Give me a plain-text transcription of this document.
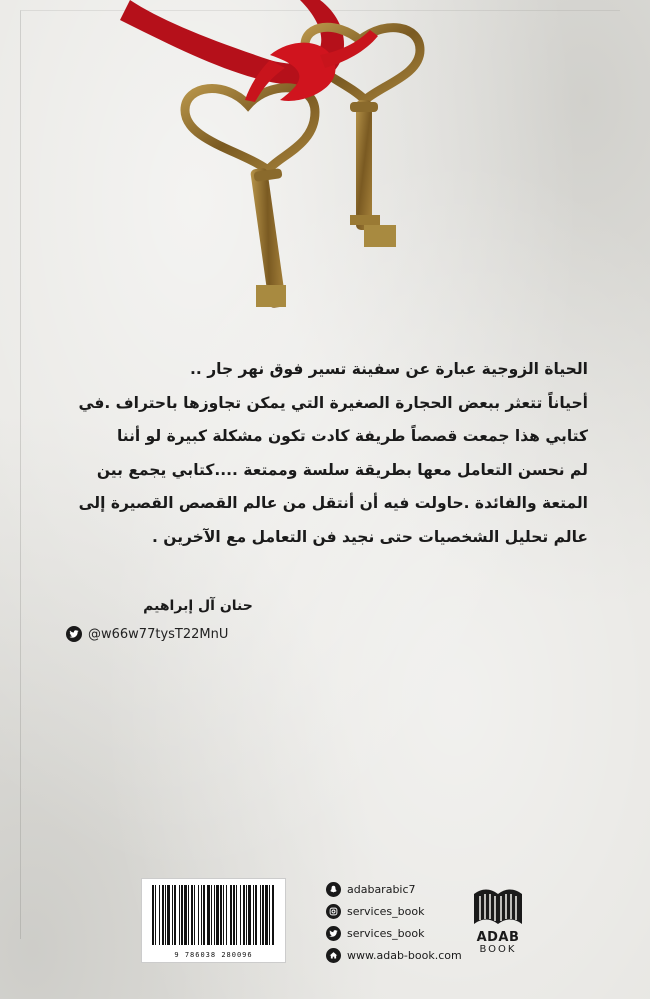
الحياة الزوجية عبارة عن سفينة تسير فوق نهر جار ..

أحياناً تتعثر ببعض الحجارة الصغيرة التي يمكن تجاوزها باحتراف .في

كتابي هذا جمعت قصصاً طريفة كادت تكون مشكلة كبيرة لو أننا

لم نحسن التعامل معها بطريقة سلسة وممتعة ....كتابي يجمع بين

المتعة والفائدة .حاولت فيه أن أنتقل من عالم القصص القصيرة إلى

عالم تحليل الشخصيات حتى نجيد فن التعامل مع الآخرين .

حنان آل إبراهيم
@w66w77tysT22MnU
9 786038 280096
adabarabic7
services_book
services_book
www.adab-book.com
ADAB
BOOK
